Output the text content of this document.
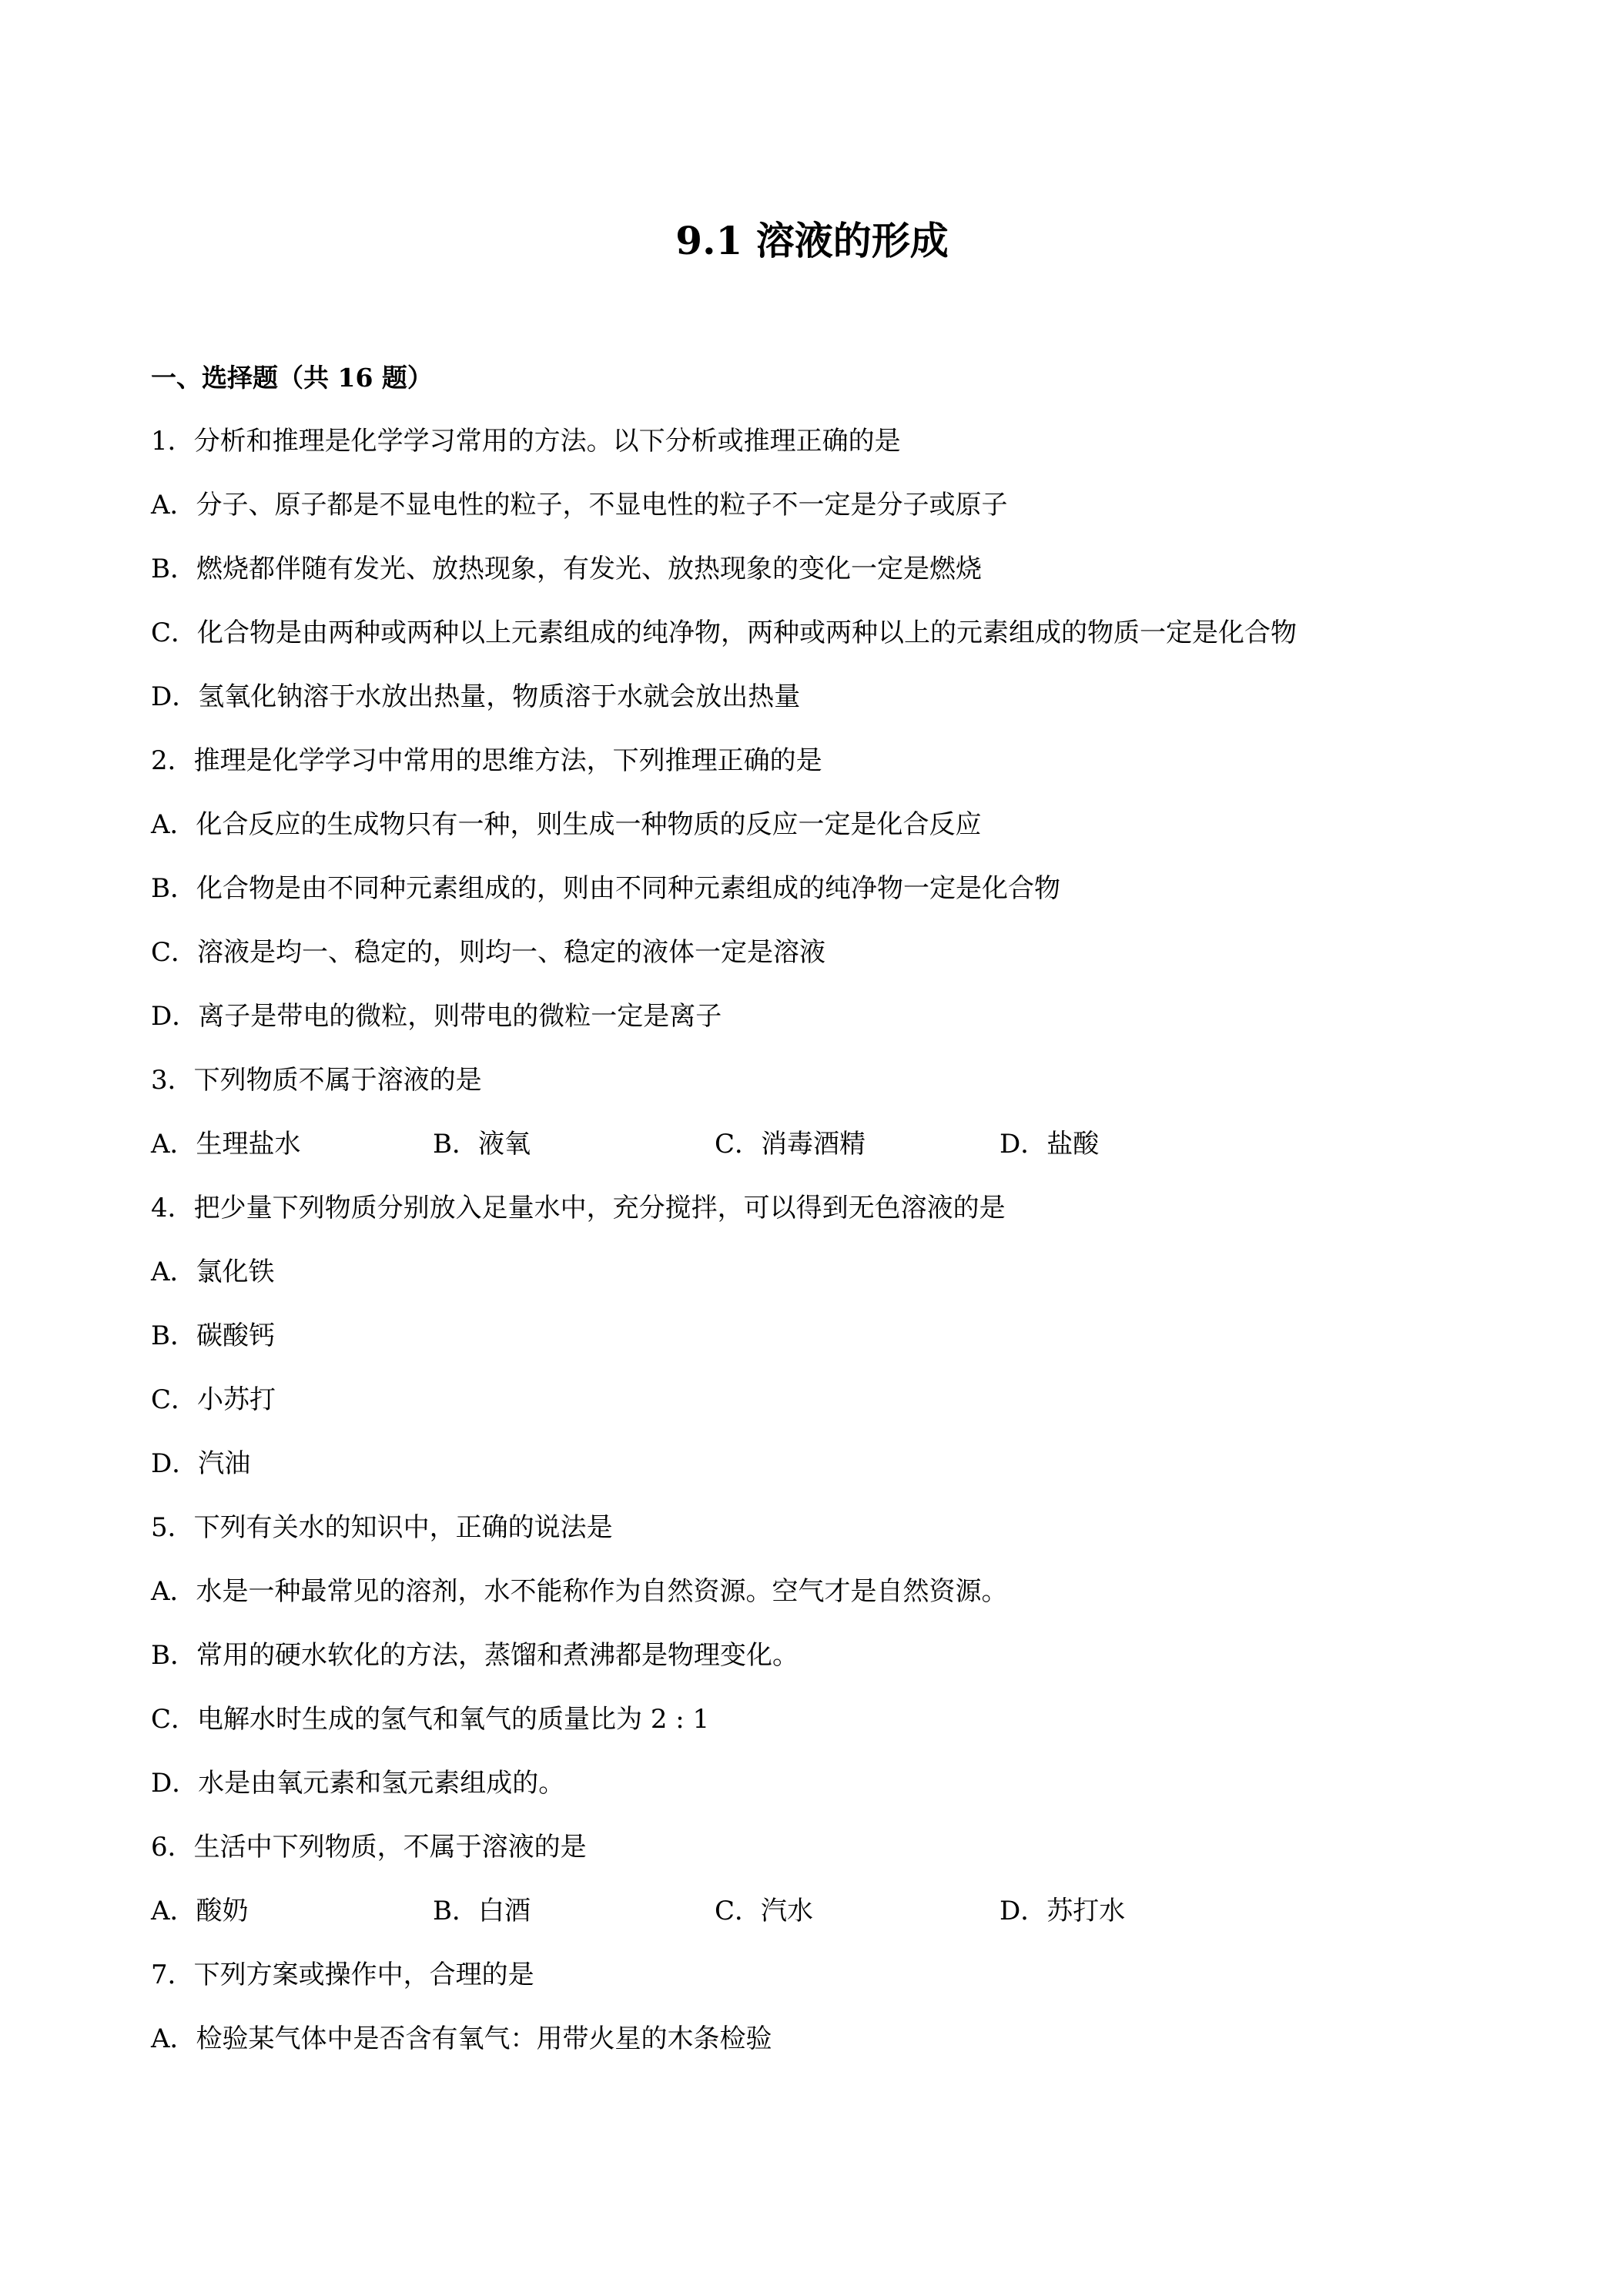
9.1 溶液的形成
一、选择题（共 16 题）
1．分析和推理是化学学习常用的方法。以下分析或推理正确的是
A．分子、原子都是不显电性的粒子，不显电性的粒子不一定是分子或原子
B．燃烧都伴随有发光、放热现象，有发光、放热现象的变化一定是燃烧
C．化合物是由两种或两种以上元素组成的纯净物，两种或两种以上的元素组成的物质一定是化合物
D．氢氧化钠溶于水放出热量，物质溶于水就会放出热量
2．推理是化学学习中常用的思维方法，下列推理正确的是
A．化合反应的生成物只有一种，则生成一种物质的反应一定是化合反应
B．化合物是由不同种元素组成的，则由不同种元素组成的纯净物一定是化合物
C．溶液是均一、稳定的，则均一、稳定的液体一定是溶液
D．离子是带电的微粒，则带电的微粒一定是离子
3．下列物质不属于溶液的是
A．生理盐水	B．液氧	C．消毒酒精	D．盐酸
4．把少量下列物质分别放入足量水中，充分搅拌，可以得到无色溶液的是
A．氯化铁
B．碳酸钙
C．小苏打
D．汽油
5．下列有关水的知识中，正确的说法是
A．水是一种最常见的溶剂，水不能称作为自然资源。空气才是自然资源。
B．常用的硬水软化的方法，蒸馏和煮沸都是物理变化。
C．电解水时生成的氢气和氧气的质量比为 2 : 1
D．水是由氧元素和氢元素组成的。
6．生活中下列物质，不属于溶液的是
A．酸奶	B．白酒	C．汽水	D．苏打水
7．下列方案或操作中，合理的是
A．检验某气体中是否含有氧气：用带火星的木条检验
